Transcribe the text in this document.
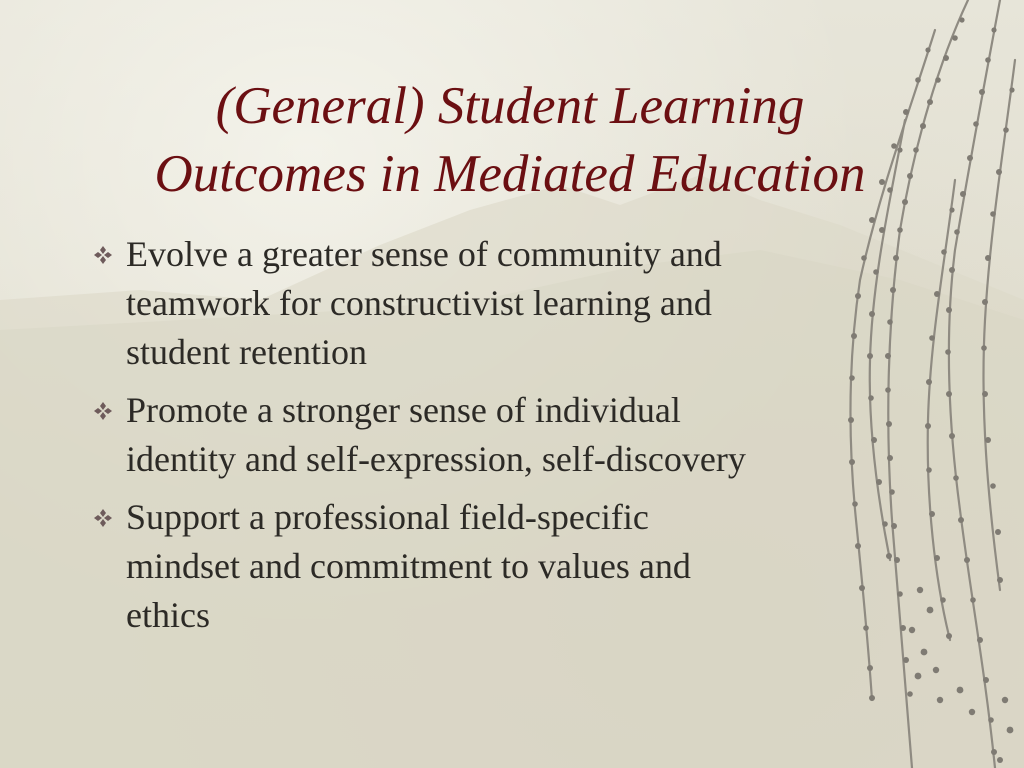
(General) Student Learning
Outcomes in Mediated Education
Evolve a greater sense of community and
teamwork for constructivist learning and
student retention
Promote a stronger sense of individual
identity and self-expression, self-discovery
Support a professional field-specific
mindset and commitment to values and
ethics
